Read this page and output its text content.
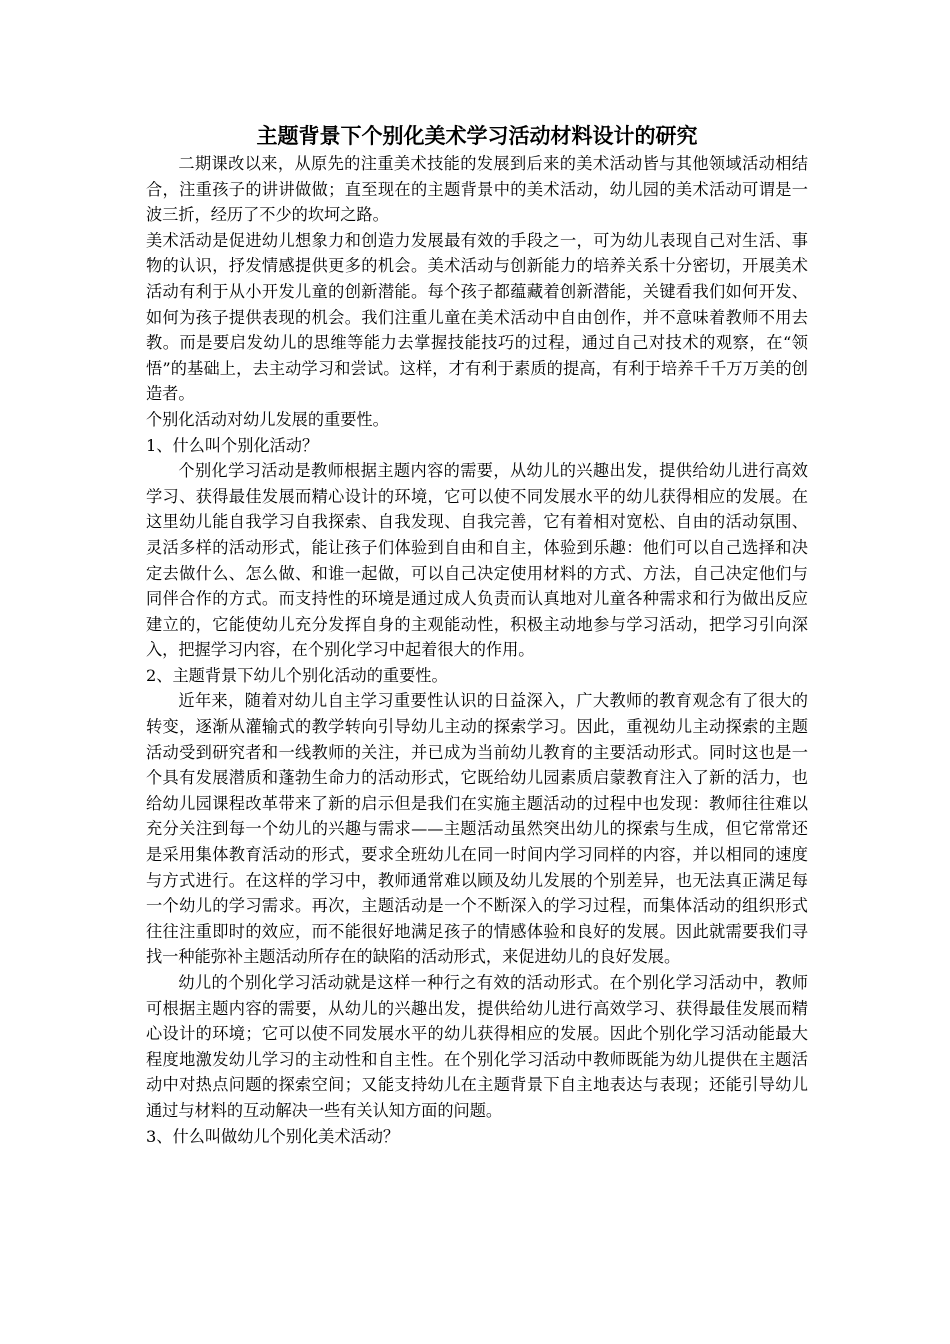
主题背景下个别化美术学习活动材料设计的研究

二期课改以来，从原先的注重美术技能的发展到后来的美术活动皆与其他领域活动相结合，注重孩子的讲讲做做；直至现在的主题背景中的美术活动，幼儿园的美术活动可谓是一波三折，经历了不少的坎坷之路。

美术活动是促进幼儿想象力和创造力发展最有效的手段之一，可为幼儿表现自己对生活、事物的认识，抒发情感提供更多的机会。美术活动与创新能力的培养关系十分密切，开展美术活动有利于从小开发儿童的创新潜能。每个孩子都蕴藏着创新潜能，关键看我们如何开发、如何为孩子提供表现的机会。我们注重儿童在美术活动中自由创作，并不意味着教师不用去教。而是要启发幼儿的思维等能力去掌握技能技巧的过程，通过自己对技术的观察，在“领悟”的基础上，去主动学习和尝试。这样，才有利于素质的提高，有利于培养千千万万美的创造者。

个别化活动对幼儿发展的重要性。

1、什么叫个别化活动？

个别化学习活动是教师根据主题内容的需要，从幼儿的兴趣出发，提供给幼儿进行高效学习、获得最佳发展而精心设计的环境，它可以使不同发展水平的幼儿获得相应的发展。在这里幼儿能自我学习自我探索、自我发现、自我完善，它有着相对宽松、自由的活动氛围、灵活多样的活动形式，能让孩子们体验到自由和自主，体验到乐趣：他们可以自己选择和决定去做什么、怎么做、和谁一起做，可以自己决定使用材料的方式、方法，自己决定他们与同伴合作的方式。而支持性的环境是通过成人负责而认真地对儿童各种需求和行为做出反应建立的，它能使幼儿充分发挥自身的主观能动性，积极主动地参与学习活动，把学习引向深入，把握学习内容，在个别化学习中起着很大的作用。

2、主题背景下幼儿个别化活动的重要性。

近年来，随着对幼儿自主学习重要性认识的日益深入，广大教师的教育观念有了很大的转变，逐渐从灌输式的教学转向引导幼儿主动的探索学习。因此，重视幼儿主动探索的主题活动受到研究者和一线教师的关注，并已成为当前幼儿教育的主要活动形式。同时这也是一个具有发展潜质和蓬勃生命力的活动形式，它既给幼儿园素质启蒙教育注入了新的活力，也给幼儿园课程改革带来了新的启示但是我们在实施主题活动的过程中也发现：教师往往难以充分关注到每一个幼儿的兴趣与需求——主题活动虽然突出幼儿的探索与生成，但它常常还是采用集体教育活动的形式，要求全班幼儿在同一时间内学习同样的内容，并以相同的速度与方式进行。在这样的学习中，教师通常难以顾及幼儿发展的个别差异，也无法真正满足每一个幼儿的学习需求。再次，主题活动是一个不断深入的学习过程，而集体活动的组织形式往往注重即时的效应，而不能很好地满足孩子的情感体验和良好的发展。因此就需要我们寻找一种能弥补主题活动所存在的缺陷的活动形式，来促进幼儿的良好发展。

幼儿的个别化学习活动就是这样一种行之有效的活动形式。在个别化学习活动中，教师可根据主题内容的需要，从幼儿的兴趣出发，提供给幼儿进行高效学习、获得最佳发展而精心设计的环境；它可以使不同发展水平的幼儿获得相应的发展。因此个别化学习活动能最大程度地激发幼儿学习的主动性和自主性。在个别化学习活动中教师既能为幼儿提供在主题活动中对热点问题的探索空间；又能支持幼儿在主题背景下自主地表达与表现；还能引导幼儿通过与材料的互动解决一些有关认知方面的问题。

3、什么叫做幼儿个别化美术活动？
